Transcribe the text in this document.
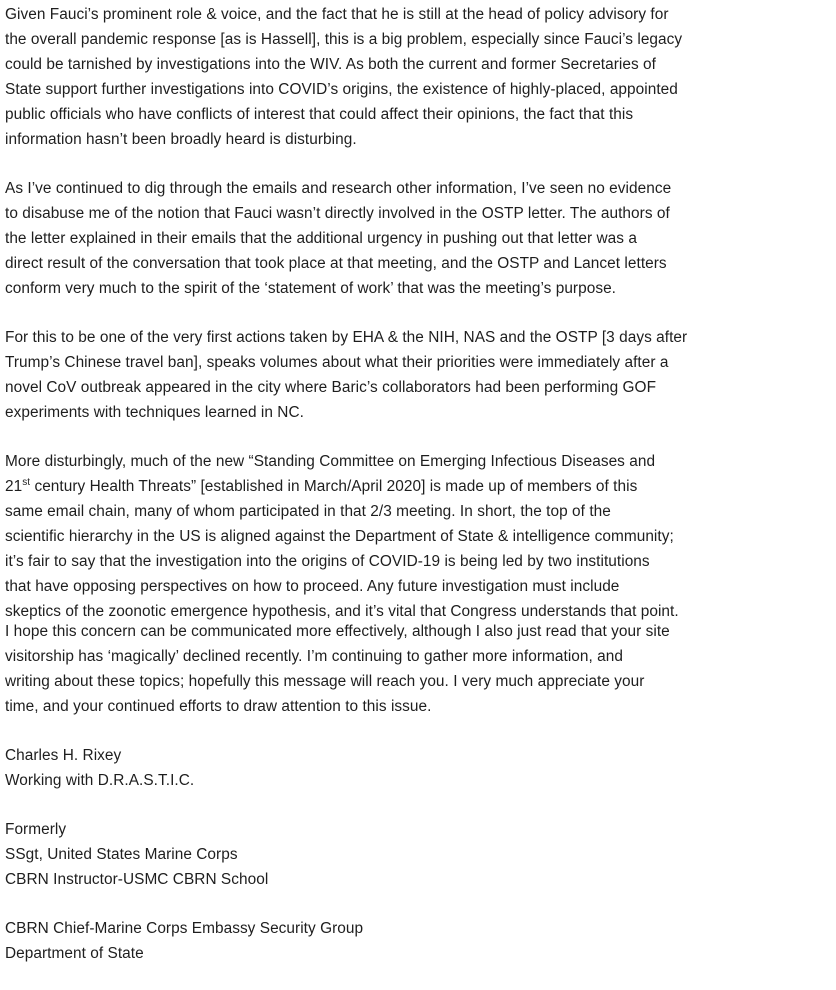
Given Fauci’s prominent role & voice, and the fact that he is still at the head of policy advisory for
the overall pandemic response [as is Hassell], this is a big problem, especially since Fauci’s legacy
could be tarnished by investigations into the WIV. As both the current and former Secretaries of
State support further investigations into COVID’s origins, the existence of highly-placed, appointed
public officials who have conflicts of interest that could affect their opinions, the fact that this
information hasn’t been broadly heard is disturbing.
As I’ve continued to dig through the emails and research other information, I’ve seen no evidence
to disabuse me of the notion that Fauci wasn’t directly involved in the OSTP letter. The authors of
the letter explained in their emails that the additional urgency in pushing out that letter was a
direct result of the conversation that took place at that meeting, and the OSTP and Lancet letters
conform very much to the spirit of the ‘statement of work’ that was the meeting’s purpose.
For this to be one of the very first actions taken by EHA & the NIH, NAS and the OSTP [3 days after
Trump’s Chinese travel ban], speaks volumes about what their priorities were immediately after a
novel CoV outbreak appeared in the city where Baric’s collaborators had been performing GOF
experiments with techniques learned in NC.
More disturbingly, much of the new “Standing Committee on Emerging Infectious Diseases and
21st century Health Threats” [established in March/April 2020] is made up of members of this
same email chain, many of whom participated in that 2/3 meeting. In short, the top of the
scientific hierarchy in the US is aligned against the Department of State & intelligence community;
it’s fair to say that the investigation into the origins of COVID-19 is being led by two institutions
that have opposing perspectives on how to proceed. Any future investigation must include
skeptics of the zoonotic emergence hypothesis, and it’s vital that Congress understands that point.
I hope this concern can be communicated more effectively, although I also just read that your site
visitorship has ‘magically’ declined recently. I’m continuing to gather more information, and
writing about these topics; hopefully this message will reach you. I very much appreciate your
time, and your continued efforts to draw attention to this issue.
Charles H. Rixey
Working with D.R.A.S.T.I.C.
Formerly
SSgt, United States Marine Corps
CBRN Instructor-USMC CBRN School
CBRN Chief-Marine Corps Embassy Security Group
Department of State
